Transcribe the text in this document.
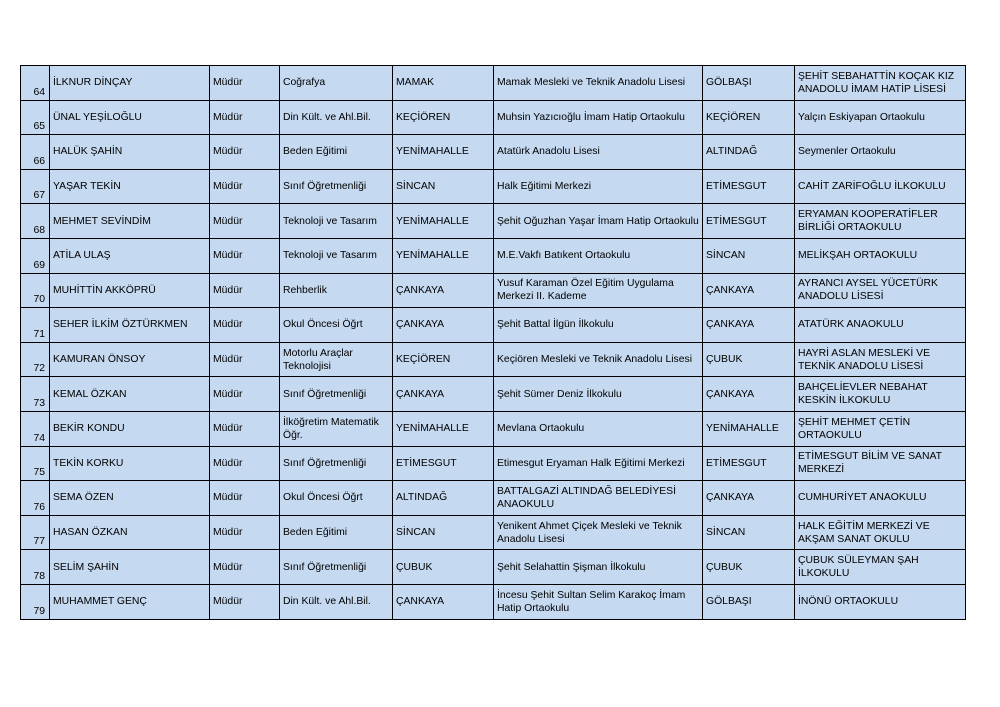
64	İLKNUR DİNÇAY	Müdür	Coğrafya	MAMAK	Mamak Mesleki ve Teknik Anadolu Lisesi	GÖLBAŞI	ŞEHİT SEBAHATTİN KOÇAK KIZ ANADOLU İMAM HATİP LİSESİ
65	ÜNAL YEŞİLOĞLU	Müdür	Din Kült. ve Ahl.Bil.	KEÇİÖREN	Muhsin Yazıcıoğlu İmam Hatip Ortaokulu	KEÇİÖREN	Yalçın Eskiyapan Ortaokulu
66	HALÜK ŞAHİN	Müdür	Beden Eğitimi	YENİMAHALLE	Atatürk Anadolu Lisesi	ALTINDAĞ	Seymenler Ortaokulu
67	YAŞAR TEKİN	Müdür	Sınıf Öğretmenliği	SİNCAN	Halk Eğitimi Merkezi	ETİMESGUT	CAHİT ZARİFOĞLU İLKOKULU
68	MEHMET SEVİNDİM	Müdür	Teknoloji ve Tasarım	YENİMAHALLE	Şehit Oğuzhan Yaşar İmam Hatip Ortaokulu	ETİMESGUT	ERYAMAN KOOPERATİFLER BİRLİĞİ ORTAOKULU
69	ATİLA ULAŞ	Müdür	Teknoloji ve Tasarım	YENİMAHALLE	M.E.Vakfı Batıkent Ortaokulu	SİNCAN	MELİKŞAH ORTAOKULU
70	MUHİTTİN AKKÖPRÜ	Müdür	Rehberlik	ÇANKAYA	Yusuf Karaman Özel Eğitim Uygulama Merkezi II. Kademe	ÇANKAYA	AYRANCI AYSEL YÜCETÜRK ANADOLU LİSESİ
71	SEHER İLKİM ÖZTÜRKMEN	Müdür	Okul Öncesi Öğrt	ÇANKAYA	Şehit Battal İlgün İlkokulu	ÇANKAYA	ATATÜRK ANAOKULU
72	KAMURAN ÖNSOY	Müdür	Motorlu Araçlar Teknolojisi	KEÇİÖREN	Keçiören Mesleki ve Teknik Anadolu Lisesi	ÇUBUK	HAYRİ ASLAN MESLEKİ VE TEKNİK ANADOLU LİSESİ
73	KEMAL ÖZKAN	Müdür	Sınıf Öğretmenliği	ÇANKAYA	Şehit Sümer Deniz İlkokulu	ÇANKAYA	BAHÇELİEVLER NEBAHAT KESKİN İLKOKULU
74	BEKİR KONDU	Müdür	İlköğretim Matematik Öğr.	YENİMAHALLE	Mevlana Ortaokulu	YENİMAHALLE	ŞEHİT MEHMET ÇETİN ORTAOKULU
75	TEKİN KORKU	Müdür	Sınıf Öğretmenliği	ETİMESGUT	Etimesgut Eryaman Halk Eğitimi Merkezi	ETİMESGUT	ETİMESGUT BİLİM VE SANAT MERKEZİ
76	SEMA ÖZEN	Müdür	Okul Öncesi Öğrt	ALTINDAĞ	BATTALGAZİ ALTINDAĞ BELEDİYESİ ANAOKULU	ÇANKAYA	CUMHURİYET ANAOKULU
77	HASAN ÖZKAN	Müdür	Beden Eğitimi	SİNCAN	Yenikent Ahmet Çiçek Mesleki ve Teknik Anadolu Lisesi	SİNCAN	HALK EĞİTİM MERKEZİ VE AKŞAM SANAT OKULU
78	SELİM ŞAHİN	Müdür	Sınıf Öğretmenliği	ÇUBUK	Şehit Selahattin Şişman İlkokulu	ÇUBUK	ÇUBUK SÜLEYMAN ŞAH İLKOKULU
79	MUHAMMET GENÇ	Müdür	Din Kült. ve Ahl.Bil.	ÇANKAYA	İncesu Şehit Sultan Selim Karakoç İmam Hatip Ortaokulu	GÖLBAŞI	İNÖNÜ ORTAOKULU
